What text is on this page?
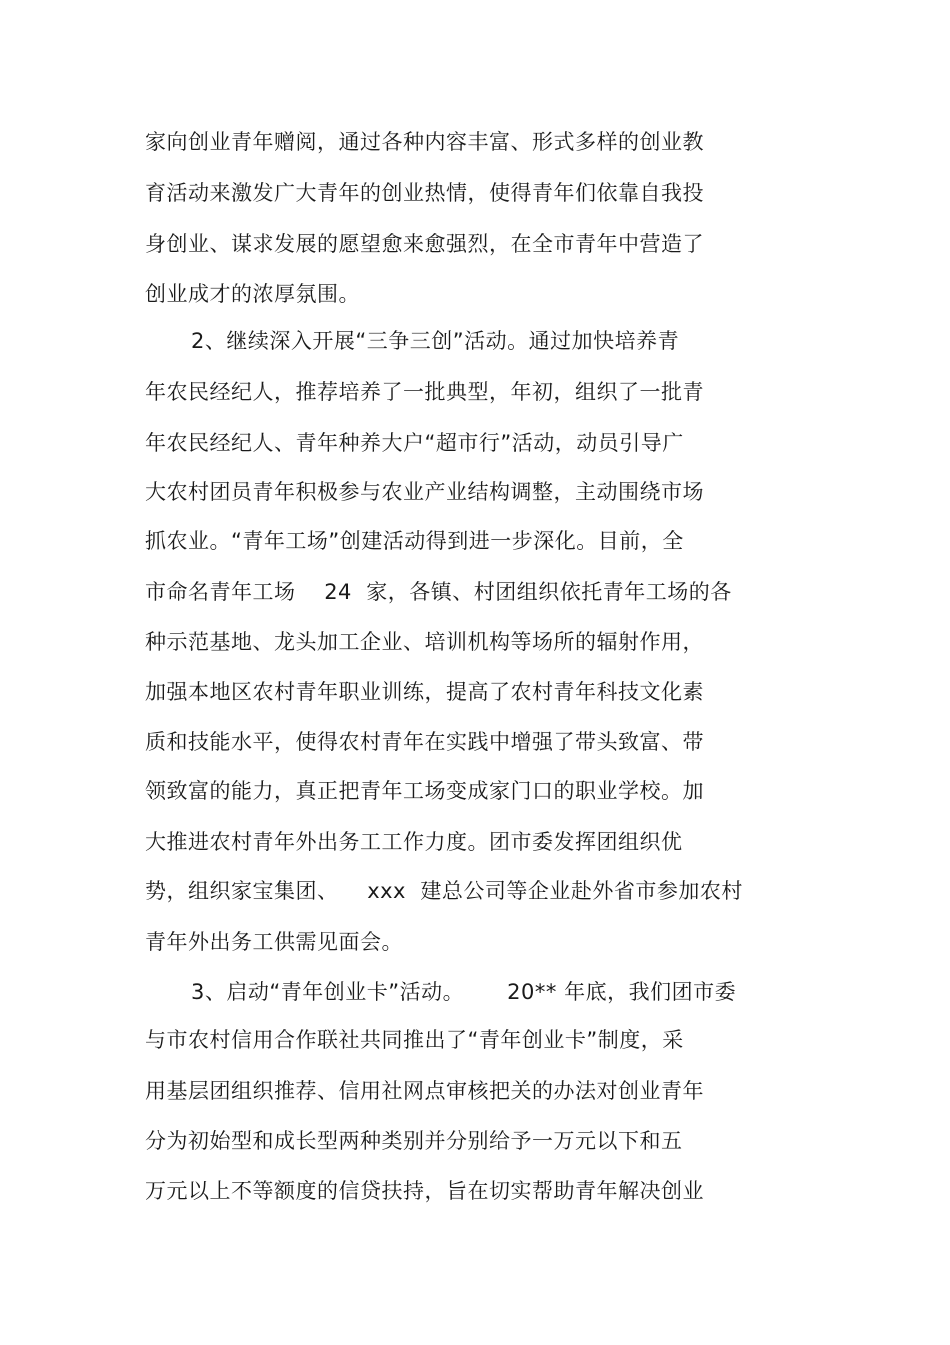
家向创业青年赠阅，通过各种内容丰富、形式多样的创业教

育活动来激发广大青年的创业热情，使得青年们依靠自我投

身创业、谋求发展的愿望愈来愈强烈，在全市青年中营造了

创业成才的浓厚氛围。

2、继续深入开展“三争三创”活动。通过加快培养青

年农民经纪人，推荐培养了一批典型，年初，组织了一批青

年农民经纪人、青年种养大户“超市行”活动，动员引导广

大农村团员青年积极参与农业产业结构调整，主动围绕市场

抓农业。“青年工场”创建活动得到进一步深化。目前，全

市命名青年工场    24  家，各镇、村团组织依托青年工场的各

种示范基地、龙头加工企业、培训机构等场所的辐射作用，

加强本地区农村青年职业训练，提高了农村青年科技文化素

质和技能水平，使得农村青年在实践中增强了带头致富、带

领致富的能力，真正把青年工场变成家门口的职业学校。加

大推进农村青年外出务工工作力度。团市委发挥团组织优

势，组织家宝集团、    xxx  建总公司等企业赴外省市参加农村

青年外出务工供需见面会。

3、启动“青年创业卡”活动。      20** 年底，我们团市委

与市农村信用合作联社共同推出了“青年创业卡”制度，采

用基层团组织推荐、信用社网点审核把关的办法对创业青年

分为初始型和成长型两种类别并分别给予一万元以下和五

万元以上不等额度的信贷扶持，旨在切实帮助青年解决创业
